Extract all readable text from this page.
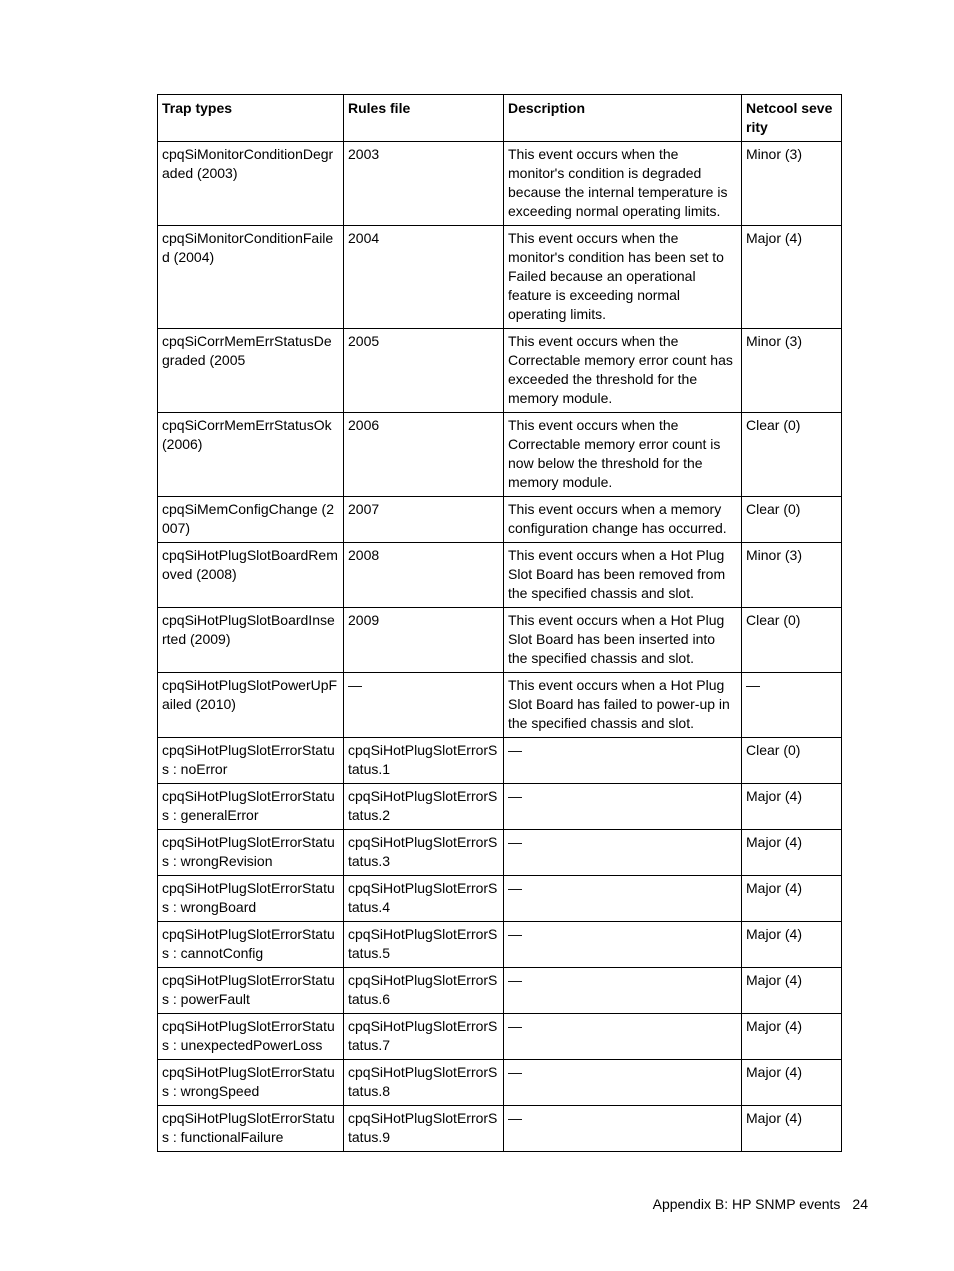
Trap types	Rules file	Description	Netcool severity
cpqSiMonitorConditionDegraded (2003)	2003	This event occurs when the monitor's condition is degraded because the internal temperature is exceeding normal operating limits.	Minor (3)
cpqSiMonitorConditionFailed (2004)	2004	This event occurs when the monitor's condition has been set to Failed because an operational feature is exceeding normal operating limits.	Major (4)
cpqSiCorrMemErrStatusDegraded (2005	2005	This event occurs when the Correctable memory error count has exceeded the threshold for the memory module.	Minor (3)
cpqSiCorrMemErrStatusOk (2006)	2006	This event occurs when the Correctable memory error count is now below the threshold for the memory module.	Clear (0)
cpqSiMemConfigChange (2007)	2007	This event occurs when a memory configuration change has occurred.	Clear (0)
cpqSiHotPlugSlotBoardRemoved (2008)	2008	This event occurs when a Hot Plug Slot Board has been removed from the specified chassis and slot.	Minor (3)
cpqSiHotPlugSlotBoardInserted (2009)	2009	This event occurs when a Hot Plug Slot Board has been inserted into the specified chassis and slot.	Clear (0)
cpqSiHotPlugSlotPowerUpFailed (2010)	—	This event occurs when a Hot Plug Slot Board has failed to power-up in the specified chassis and slot.	—
cpqSiHotPlugSlotErrorStatus : noError	cpqSiHotPlugSlotErrorStatus.1	—	Clear (0)
cpqSiHotPlugSlotErrorStatus : generalError	cpqSiHotPlugSlotErrorStatus.2	—	Major (4)
cpqSiHotPlugSlotErrorStatus : wrongRevision	cpqSiHotPlugSlotErrorStatus.3	—	Major (4)
cpqSiHotPlugSlotErrorStatus : wrongBoard	cpqSiHotPlugSlotErrorStatus.4	—	Major (4)
cpqSiHotPlugSlotErrorStatus : cannotConfig	cpqSiHotPlugSlotErrorStatus.5	—	Major (4)
cpqSiHotPlugSlotErrorStatus : powerFault	cpqSiHotPlugSlotErrorStatus.6	—	Major (4)
cpqSiHotPlugSlotErrorStatus : unexpectedPowerLoss	cpqSiHotPlugSlotErrorStatus.7	—	Major (4)
cpqSiHotPlugSlotErrorStatus : wrongSpeed	cpqSiHotPlugSlotErrorStatus.8	—	Major (4)
cpqSiHotPlugSlotErrorStatus : functionalFailure	cpqSiHotPlugSlotErrorStatus.9	—	Major (4)
Appendix B: HP SNMP events 24
